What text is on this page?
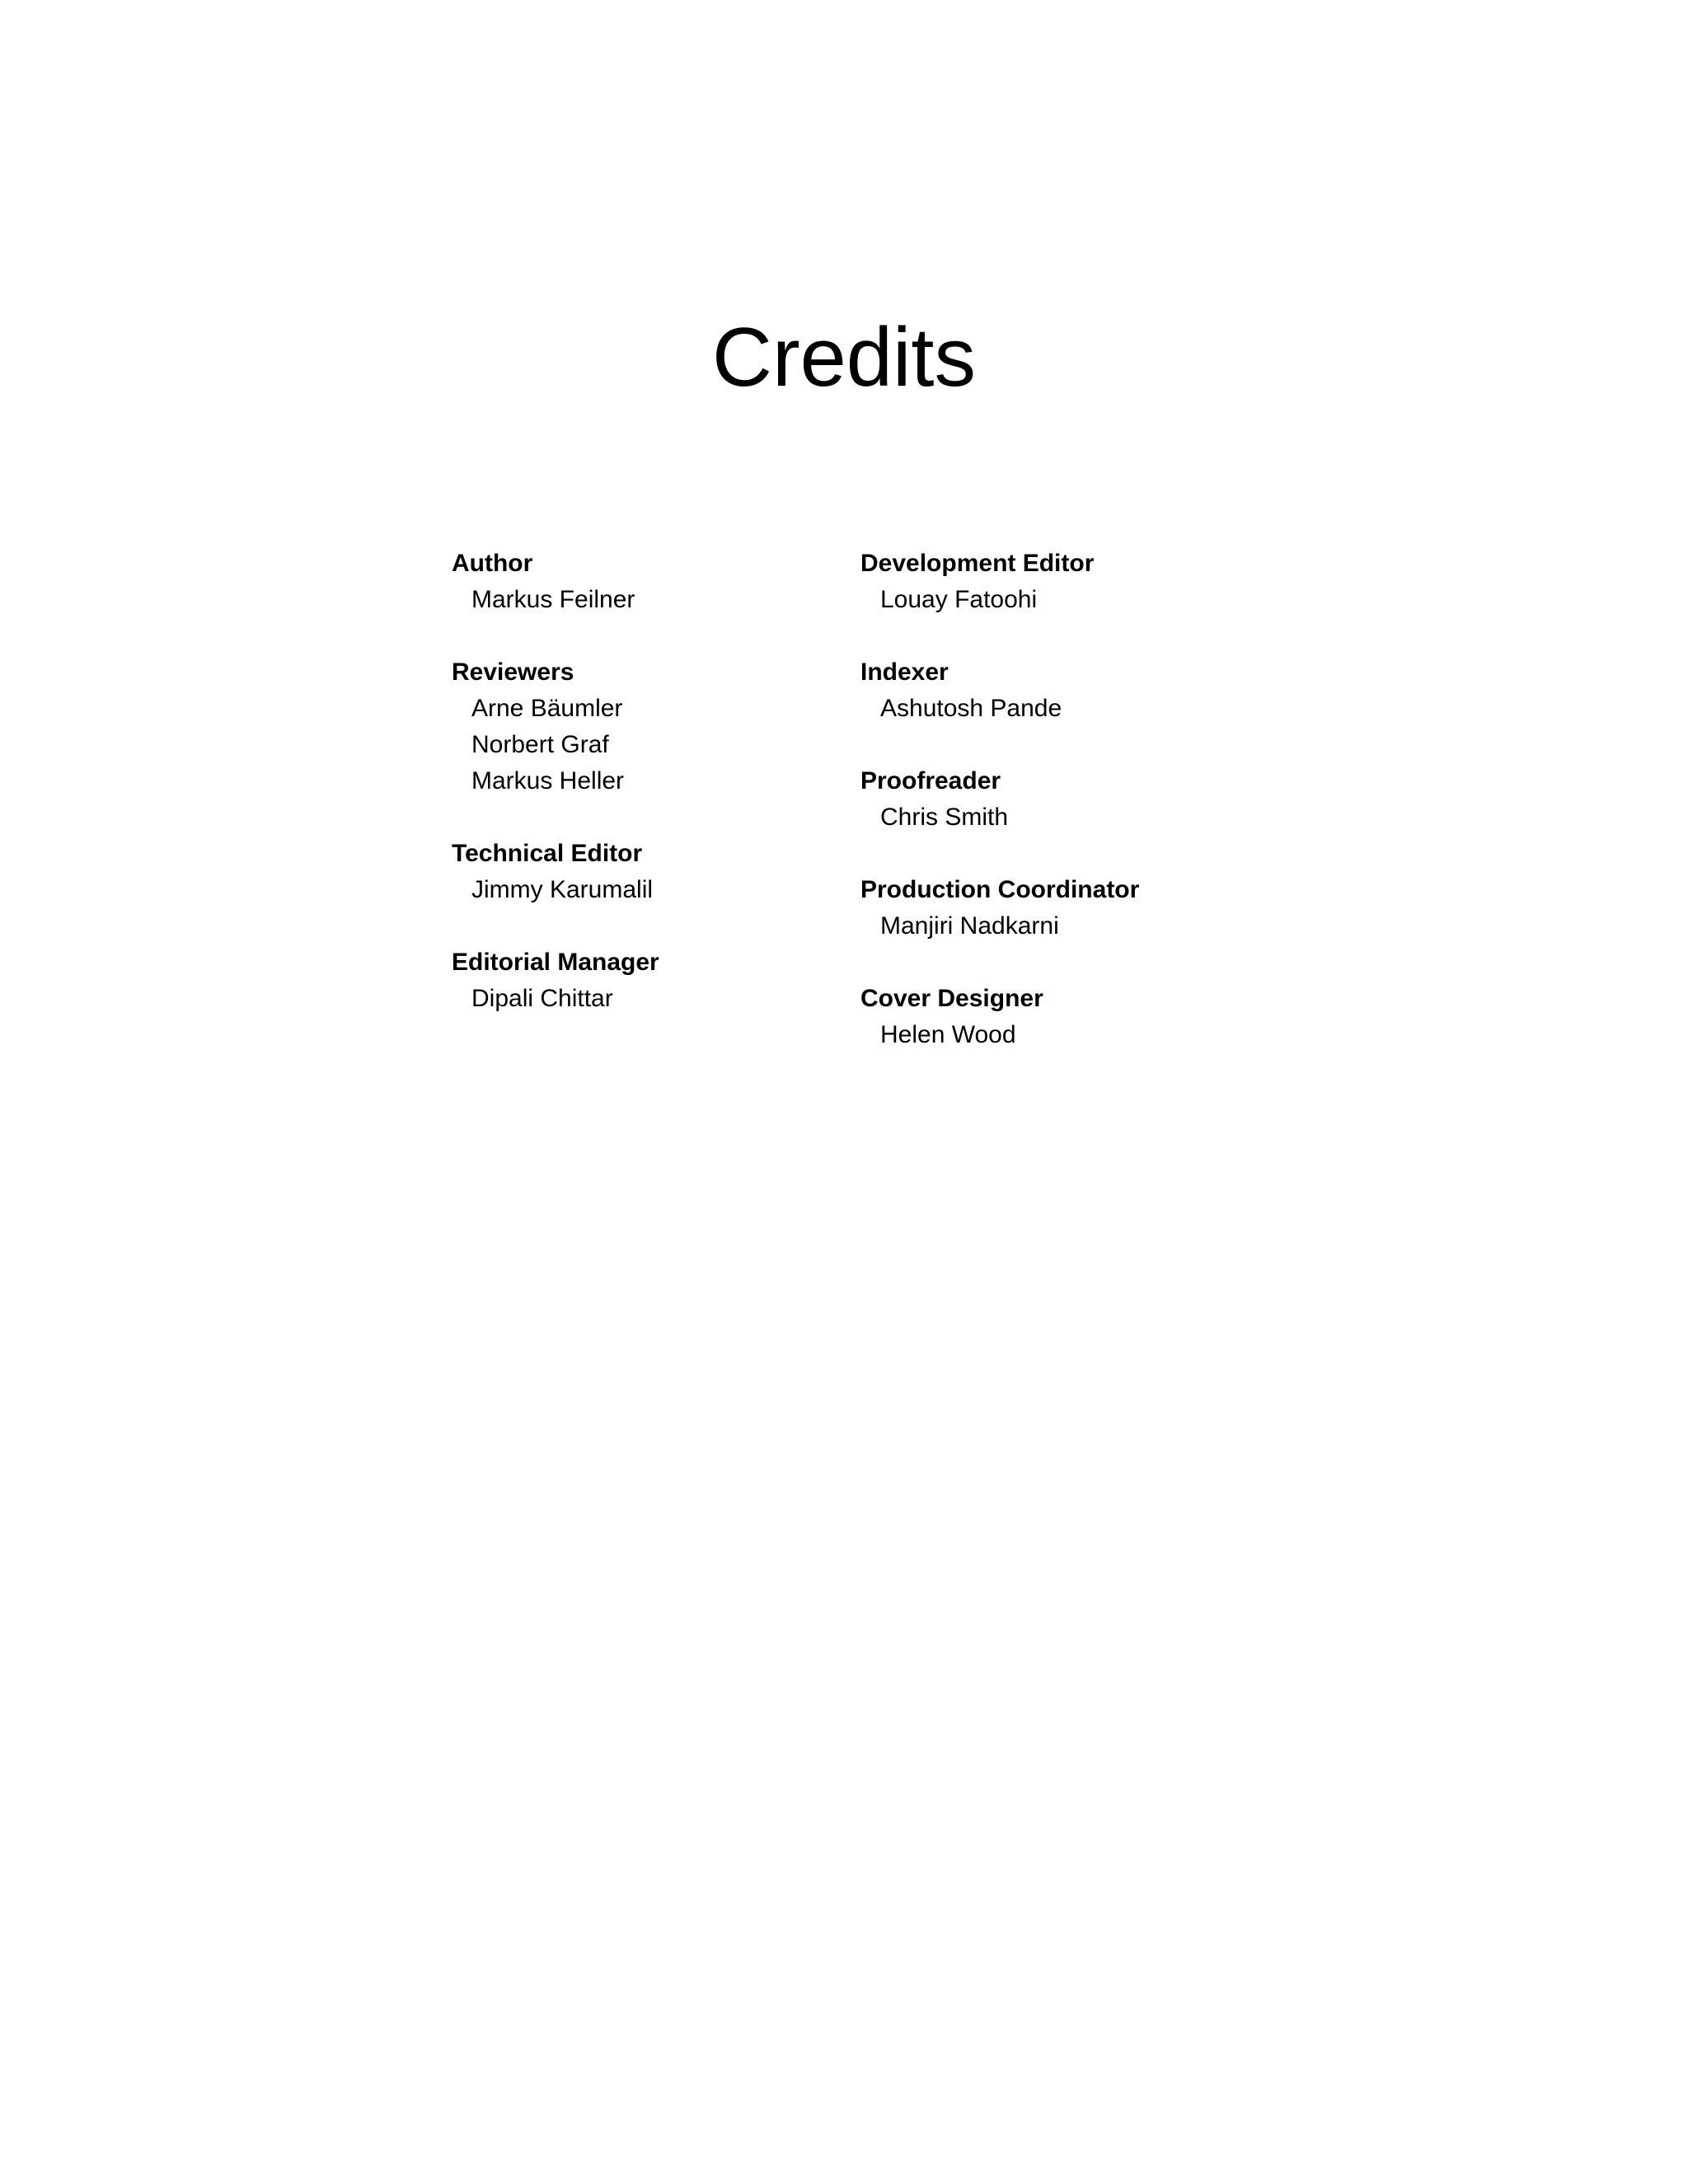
Credits
Author
Markus Feilner
Reviewers
Arne Bäumler
Norbert Graf
Markus Heller
Technical Editor
Jimmy Karumalil
Editorial Manager
Dipali Chittar
Development Editor
Louay Fatoohi
Indexer
Ashutosh Pande
Proofreader
Chris Smith
Production Coordinator
Manjiri Nadkarni
Cover Designer
Helen Wood
